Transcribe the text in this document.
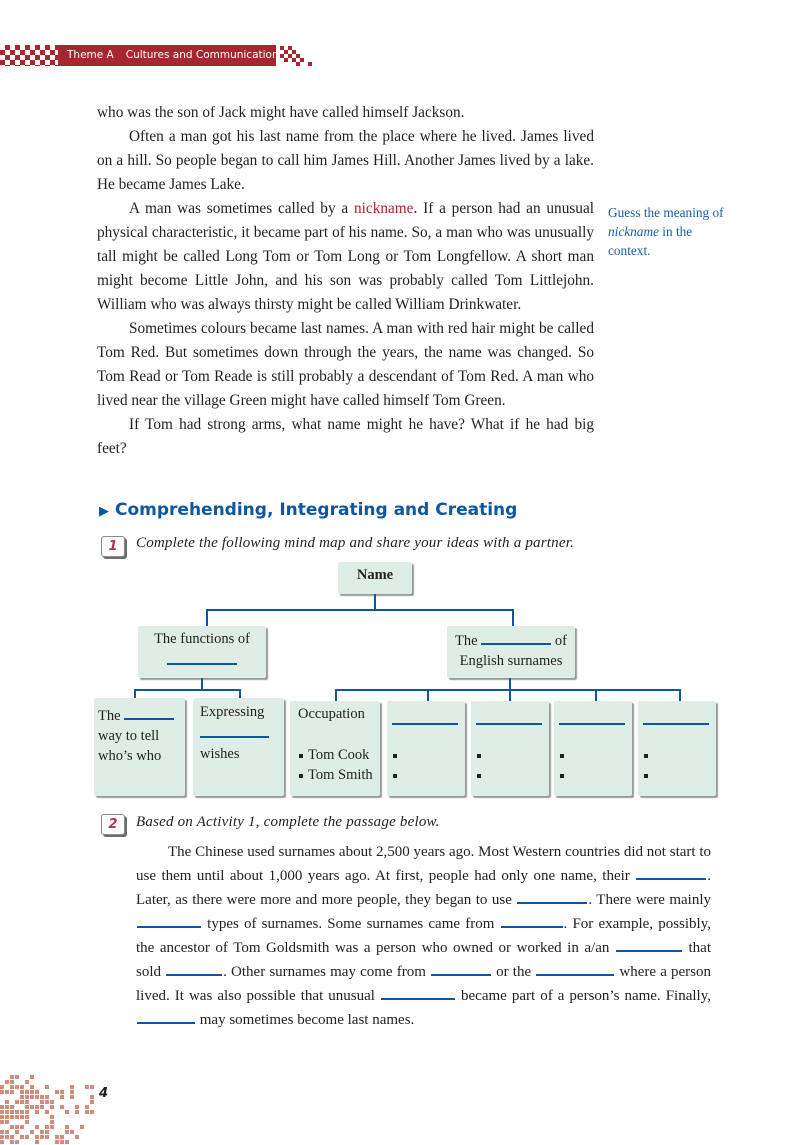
Theme A Cultures and Communication

who was the son of Jack might have called himself Jackson.

Often a man got his last name from the place where he lived. James lived on a hill. So people began to call him James Hill. Another James lived by a lake. He became James Lake.

A man was sometimes called by a nickname. If a person had an unusual physical characteristic, it became part of his name. So, a man who was unusually tall might be called Long Tom or Tom Long or Tom Longfellow. A short man might become Little John, and his son was probably called Tom Littlejohn. William who was always thirsty might be called William Drinkwater.

Sometimes colours became last names. A man with red hair might be called Tom Red. But sometimes down through the years, the name was changed. So Tom Read or Tom Reade is still probably a descendant of Tom Red. A man who lived near the village Green might have called himself Tom Green.

If Tom had strong arms, what name might he have? What if he had big feet?

Guess the meaning of nickname in the context.
▶ Comprehending, Integrating and Creating
1	Complete the following mind map and share your ideas with a partner.
Name
The functions of	The	of
English surnames
The
way to tell
who’s who
Expressing
wishes
Occupation
Tom Cook
Tom Smith
2	Based on Activity 1, complete the passage below.

The Chinese used surnames about 2,500 years ago. Most Western countries did not start to use them until about 1,000 years ago. At first, people had only one name, their	. Later, as there were more and more people, they began to use	. There were mainly  types of surnames. Some surnames came from	. For example, possibly, the ancestor of Tom Goldsmith was a person who owned or worked in a/an	that sold	. Other surnames may come from	or the	where a person lived. It was also possible that unusual	became part of a person’s name. Finally,  may sometimes become last names.

4
